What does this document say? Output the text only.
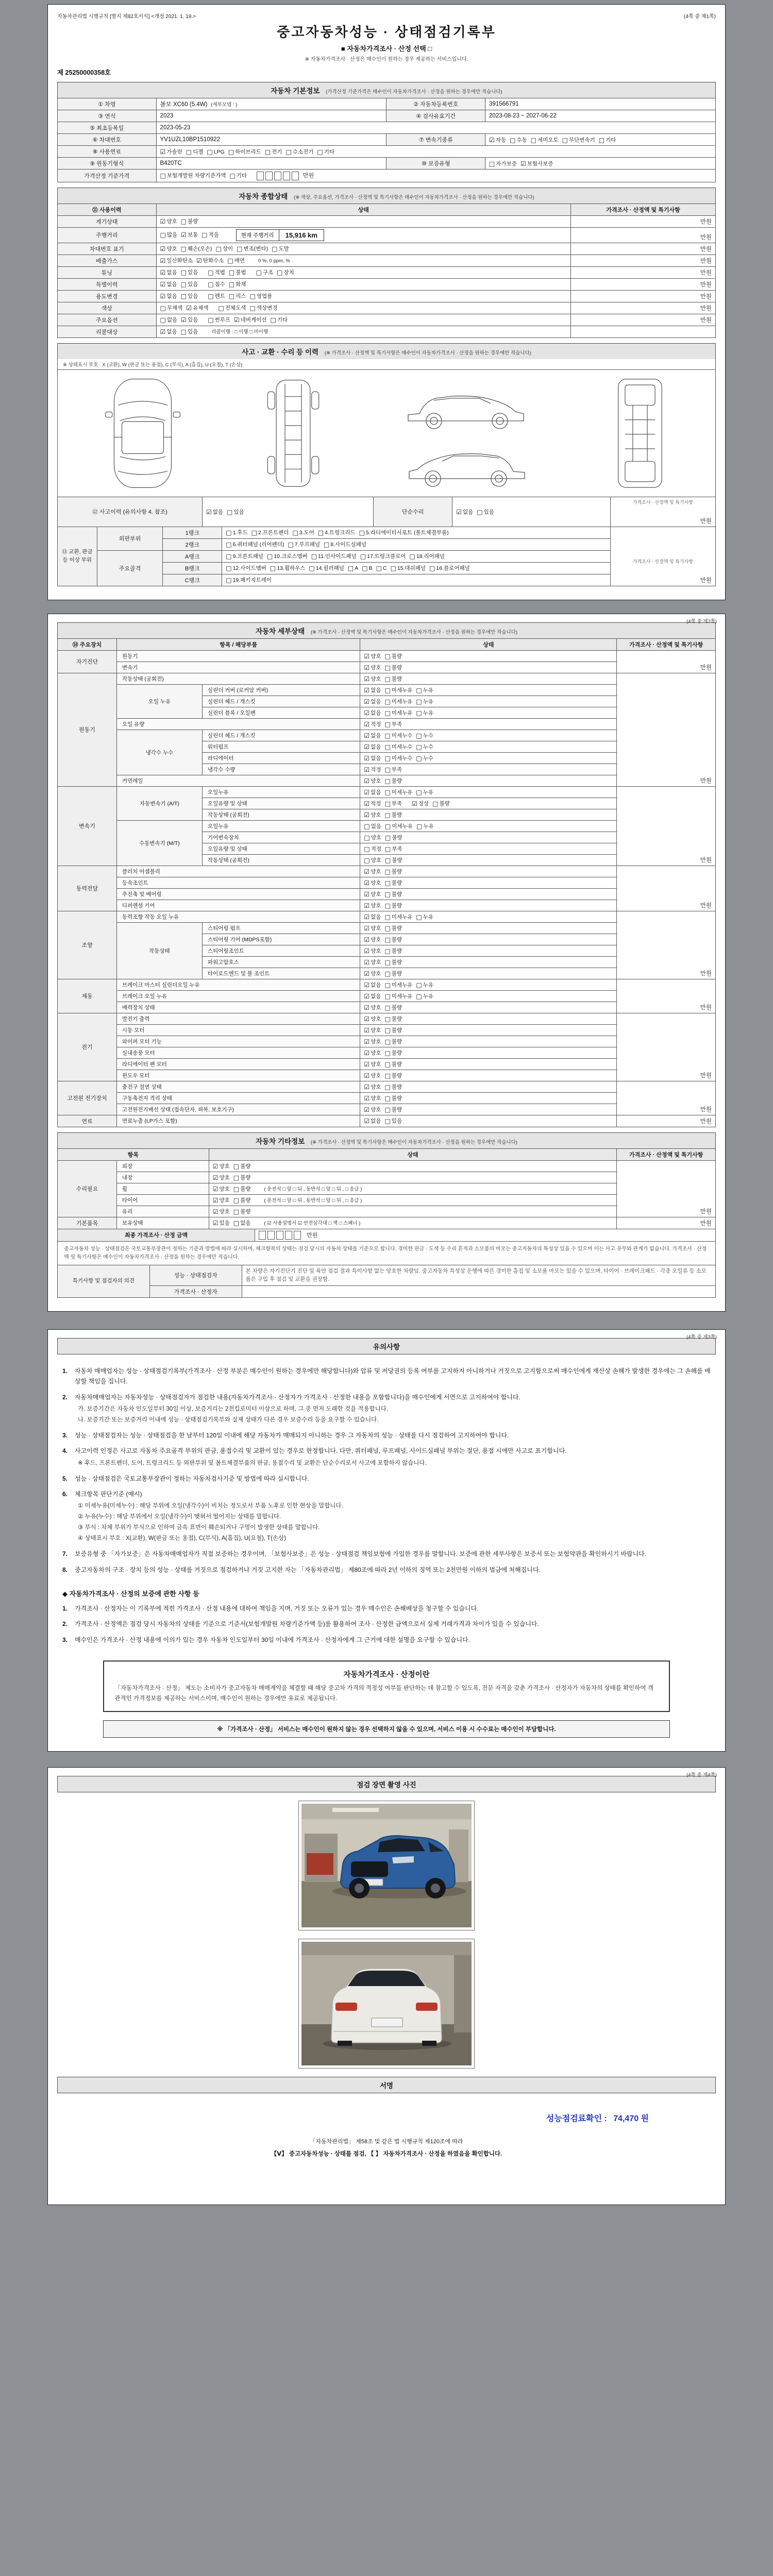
자동차관리법 시행규칙 [별지 제82호서식] <개정 2021. 1. 19.>	(4쪽 중 제1쪽)
중고자동차성능 · 상태점검기록부
■ 자동차가격조사 · 산정 선택 □
※ 자동차가격조사 · 산정은 매수인이 원하는 경우 제공하는 서비스입니다.
제 25250000358호
자동차 기본정보 (가격산정 기준가격은 매수인이 자동차가격조사 · 산정을 원하는 경우에만 적습니다)
① 차명	볼보 XC60 (5.4W) (세부모델 : )	② 자동차등록번호	391566791
③ 연식	2023	④ 검사유효기간	2023-08-23 ~ 2027-06-22
⑤ 최초등록일	2023-05-23		
⑥ 차대번호	YV1UZL10BP1510922	⑦ 변속기종류	☑ 자동 □ 수동 □ 세미오토 □ 무단변속기 □ 기타
⑧ 사용연료	☑ 가솔린 □ 디젤 □ LPG □ 하이브리드 □ 전기 □ 수소전기 □ 기타		
⑨ 원동기형식	B420TC	⑩ 보증유형	□ 자가보증 ☑ 보험사보증
가격산정 기준가격	□ 보험개발원 차량기준가액 □ 기타 만원		
자동차 종합상태 (※ 색상, 주요옵션, 가격조사 · 산정액 및 특기사항은 매수인이 자동차가격조사 · 산정을 원하는 경우에만 적습니다)
⑪ 사용이력	상태	가격조사 · 산정액 및 특기사항
계기상태	☑ 양호 □ 불량	만원
주행거리	□ 많음 ☑ 보통 □ 적음 현재 주행거리 15,916 km	만원
차대번호 표기	☑ 양호 □ 훼손(오손) □ 상이 □ 변조(변타) □ 도말	만원
배출가스	☑ 일산화탄소 ☑ 탄화수소 □ 매연 0 %, 0 ppm, %	만원
튜닝	☑ 없음 □ 있음 □ 적법 □ 불법 □ 구조 □ 장치	만원
특별이력	☑ 없음 □ 있음 □ 침수 □ 화재	만원
용도변경	☑ 없음 □ 있음 □ 렌트 □ 리스 □ 영업용	만원
색상	□ 무채색 ☑ 유채색 □ 전체도색 □ 색상변경	만원
주요옵션	□ 없음 ☑ 있음 □ 썬루프 ☑ 네비게이션 □ 기타	만원
리콜대상	☑ 없음 □ 있음 리콜이행 : □ 이행 □ 미이행	
사고 · 교환 · 수리 등 이력 (※ 가격조사 · 산정액 및 특기사항은 매수인이 자동차가격조사 · 산정을 원하는 경우에만 적습니다)
※ 상태표시 부호 : X (교환), W (판금 또는 용접), C (부식), A (흠집), U (요철), T (손상)
⑫ 사고이력 (유의사항 4. 참조)	☑ 없음 □ 있음	단순수리	☑ 없음 □ 있음	
가격조사 · 산정액 및 특기사항
만원
⑬ 교환, 판금 등 이상 부위	외판부위	1랭크	□ 1.후드 □ 2.프론트펜더 □ 3.도어 □ 4.트렁크리드 □ 5.라디에이터서포트 (볼트체결부품)	가격조사 · 산정액 및 특기사항
만원
		2랭크	□ 6.쿼터패널 (리어펜더) □ 7.루프패널 □ 8.사이드실패널	
	주요골격	A랭크	□ 9.프론트패널 □ 10.크로스멤버 □ 11.인사이드패널 □ 17.트렁크플로어 □ 18.리어패널	
		B랭크	□ 12.사이드멤버 □ 13.휠하우스 □ 14.필러패널 □ A □ B □ C □ 15.대쉬패널 □ 16.플로어패널	
		C랭크	□ 19.패키지트레이	
(4쪽 중 제2쪽)
자동차 세부상태 (※ 가격조사 · 산정액 및 특기사항은 매수인이 자동차가격조사 · 산정을 원하는 경우에만 적습니다)
⑭ 주요장치	항목 / 해당부품		상태	가격조사 · 산정액 및 특기사항
자기진단	원동기		☑ 양호 □ 불량	만원
	변속기		☑ 양호 □ 불량	
원동기	작동상태 (공회전)		☑ 양호 □ 불량	만원
	오일 누유	실린더 커버 (로커암 커버)	☑ 없음 □ 미세누유 □ 누유	
		실린더 헤드 / 개스킷	☑ 없음 □ 미세누유 □ 누유	
		실린더 블록 / 오일팬	☑ 없음 □ 미세누유 □ 누유	
	오일 유량		☑ 적정 □ 부족	
	냉각수 누수	실린더 헤드 / 개스킷	☑ 없음 □ 미세누수 □ 누수	
		워터펌프	☑ 없음 □ 미세누수 □ 누수	
		라디에이터	☑ 없음 □ 미세누수 □ 누수	
		냉각수 수량	☑ 적정 □ 부족	
	커먼레일		☑ 양호 □ 불량	
변속기	자동변속기 (A/T)	오일누유	☑ 없음 □ 미세누유 □ 누유	만원
		오일유량 및 상태	☑ 적정 □ 부족 ☑ 정상 □ 불량	
		작동상태 (공회전)	☑ 양호 □ 불량	
	수동변속기 (M/T)	오일누유	□ 없음 □ 미세누유 □ 누유	
		기어변속장치	□ 양호 □ 불량	
		오일유량 및 상태	□ 적정 □ 부족	
		작동상태 (공회전)	□ 양호 □ 불량	
동력전달	클러치 어셈블리		☑ 양호 □ 불량	만원
	등속조인트		☑ 양호 □ 불량	
	추진축 및 베어링		☑ 양호 □ 불량	
	디퍼렌셜 기어		☑ 양호 □ 불량	
조향	동력조향 작동 오일 누유		☑ 없음 □ 미세누유 □ 누유	만원
	작동상태	스티어링 펌프	☑ 양호 □ 불량	
		스티어링 기어 (MDPS포함)	☑ 양호 □ 불량	
		스티어링조인트	☑ 양호 □ 불량	
		파워고압호스	☑ 양호 □ 불량	
		타이로드엔드 및 볼 조인트	☑ 양호 □ 불량	
제동	브레이크 마스터 실린더오일 누유		☑ 없음 □ 미세누유 □ 누유	만원
	브레이크 오일 누유		☑ 없음 □ 미세누유 □ 누유	
	배력장치 상태		☑ 양호 □ 불량	
전기	발전기 출력		☑ 양호 □ 불량	만원
	시동 모터		☑ 양호 □ 불량	
	와이퍼 모터 기능		☑ 양호 □ 불량	
	실내송풍 모터		☑ 양호 □ 불량	
	라디에이터 팬 모터		☑ 양호 □ 불량	
	윈도우 모터		☑ 양호 □ 불량	
고전원 전기장치	충전구 절연 상태		☑ 양호 □ 불량	만원
	구동축전지 격리 상태		☑ 양호 □ 불량	
	고전원전기배선 상태 (접속단자, 피복, 보호기구)		☑ 양호 □ 불량	
연료	연료누출 (LP가스 포함)		☑ 없음 □ 있음	만원
자동차 기타정보 (※ 가격조사 · 산정액 및 특기사항은 매수인이 자동차가격조사 · 산정을 원하는 경우에만 적습니다)
항목		상태	가격조사 · 산정액 및 특기사항
수리필요	외장	☑ 양호 □ 불량	만원
	내장	☑ 양호 □ 불량	
	휠	☑ 양호 □ 불량 ( 운전석 □ 앞 □ 뒤 , 동반석 □ 앞 □ 뒤 , □ 응급 )	
	타이어	☑ 양호 □ 불량 ( 운전석 □ 앞 □ 뒤 , 동반석 □ 앞 □ 뒤 , □ 응급 )	
	유리	☑ 양호 □ 불량	
기본품목	보유상태	☑ 있음 □ 없음 ( ☑ 사용설명서 ☑ 안전삼각대 □ 잭 □ 스패너 )	만원
최종 가격조사 · 산정 금액	만원
중고자동차 성능 · 상태점검은 국토교통부장관이 정하는 기준과 방법에 따라 실시하며, 체크항목의 상태는 점검 당시의 자동차 상태를 기준으로 합니다. 경미한 판금 · 도색 등 수리 흔적과 소모품의 마모는 중고자동차의 특성상 있을 수 있으며 이는 사고 유무와 관계가 없습니다. 가격조사 · 산정액 및 특기사항은 매수인이 자동차가격조사 · 산정을 원하는 경우에만 적습니다.
특기사항 및 점검자의 의견	성능 · 상태점검자	본 차량은 자기진단기 진단 및 육안 점검 결과 특이사항 없는 양호한 차량임. 중고자동차 특성상 운행에 따른 경미한 흠집 및 소모품 마모는 있을 수 있으며, 타이어 · 브레이크패드 · 각종 오일류 등 소모품은 구입 후 점검 및 교환을 권장함.
	가격조사 · 산정자	
(4쪽 중 제3쪽)
유의사항
1.	자동차 매매업자는 성능 · 상태점검기록부(가격조사 · 산정 부분은 매수인이 원하는 경우에만 해당합니다)와 압류 및 저당권의 등록 여부를 고지하지 아니하거나 거짓으로 고지함으로써 매수인에게 재산상 손해가 발생한 경우에는 그 손해를 배상할 책임을 집니다.
2.	자동차매매업자는 자동차성능 · 상태점검자가 점검한 내용(자동차가격조사 · 산정자가 가격조사 · 산정한 내용을 포함합니다)을 매수인에게 서면으로 고지하여야 합니다.
가. 보증기간은 자동차 인도일부터 30일 이상, 보증거리는 2천킬로미터 이상으로 하며, 그 중 먼저 도래한 것을 적용합니다.
나. 보증기간 또는 보증거리 이내에 성능 · 상태점검기록부와 실제 상태가 다른 경우 보증수리 등을 요구할 수 있습니다.
3.	성능 · 상태점검자는 성능 · 상태점검을 한 날부터 120일 이내에 해당 자동차가 매매되지 아니하는 경우 그 자동차의 성능 · 상태를 다시 점검하여 고지하여야 합니다.
4.	사고이력 인정은 사고로 자동차 주요골격 부위의 판금, 용접수리 및 교환이 있는 경우로 한정합니다. 다만, 쿼터패널, 루프패널, 사이드실패널 부위는 절단, 용접 시에만 사고로 표기합니다.
※ 후드, 프론트펜더, 도어, 트렁크리드 등 외판부위 및 볼트체결부품의 판금, 용접수리 및 교환은 단순수리로서 사고에 포함하지 않습니다.
5.	성능 · 상태점검은 국토교통부장관이 정하는 자동차검사기준 및 방법에 따라 실시합니다.
6.	체크항목 판단기준 (예시)
① 미세누유(미세누수) : 해당 부위에 오일(냉각수)이 비치는 정도로서 부품 노후로 인한 현상을 말합니다.
② 누유(누수) : 해당 부위에서 오일(냉각수)이 맺혀서 떨어지는 상태를 말합니다.
③ 부식 : 차체 부위가 부식으로 인하여 금속 표면이 훼손되거나 구멍이 발생한 상태를 말합니다.
④ 상태표시 부호 : X(교환), W(판금 또는 용접), C(부식), A(흠집), U(요철), T(손상)
7.	보증유형 중 「자가보증」은 자동차매매업자가 직접 보증하는 경우이며, 「보험사보증」은 성능 · 상태점검 책임보험에 가입한 경우를 말합니다. 보증에 관한 세부사항은 보증서 또는 보험약관을 확인하시기 바랍니다.
8.	중고자동차의 구조 · 장치 등의 성능 · 상태를 거짓으로 점검하거나 거짓 고지한 자는 「자동차관리법」 제80조에 따라 2년 이하의 징역 또는 2천만원 이하의 벌금에 처해집니다.
◆ 자동차가격조사 · 산정의 보증에 관한 사항 등
1.	가격조사 · 산정자는 이 기록부에 적힌 가격조사 · 산정 내용에 대하여 책임을 지며, 거짓 또는 오류가 있는 경우 매수인은 손해배상을 청구할 수 있습니다.
2.	가격조사 · 산정액은 점검 당시 자동차의 상태를 기준으로 기준서(보험개발원 차량기준가액 등)를 활용하여 조사 · 산정한 금액으로서 실제 거래가격과 차이가 있을 수 있습니다.
3.	매수인은 가격조사 · 산정 내용에 이의가 있는 경우 자동차 인도일부터 30일 이내에 가격조사 · 산정자에게 그 근거에 대한 설명을 요구할 수 있습니다.
자동차가격조사 · 산정이란
「자동차가격조사 · 산정」 제도는 소비자가 중고자동차 매매계약을 체결할 때 해당 중고차 가격의 적정성 여부를 판단하는 데 참고할 수 있도록, 전문 자격을 갖춘 가격조사 · 산정자가 자동차의 상태를 확인하여 객관적인 가격정보를 제공하는 서비스이며, 매수인이 원하는 경우에만 유료로 제공됩니다.
※ 「가격조사 · 산정」 서비스는 매수인이 원하지 않는 경우 선택하지 않을 수 있으며, 서비스 이용 시 수수료는 매수인이 부담합니다.
(4쪽 중 제4쪽)
점검 장면 촬영 사진
서명
성능점검료확인 : 74,470 원
「자동차관리법」 제58조 및 같은 법 시행규칙 제120조에 따라
【Ⅴ】 중고자동차성능 · 상태를 점검, 【 】 자동차가격조사 · 산정을 하였음을 확인합니다.
